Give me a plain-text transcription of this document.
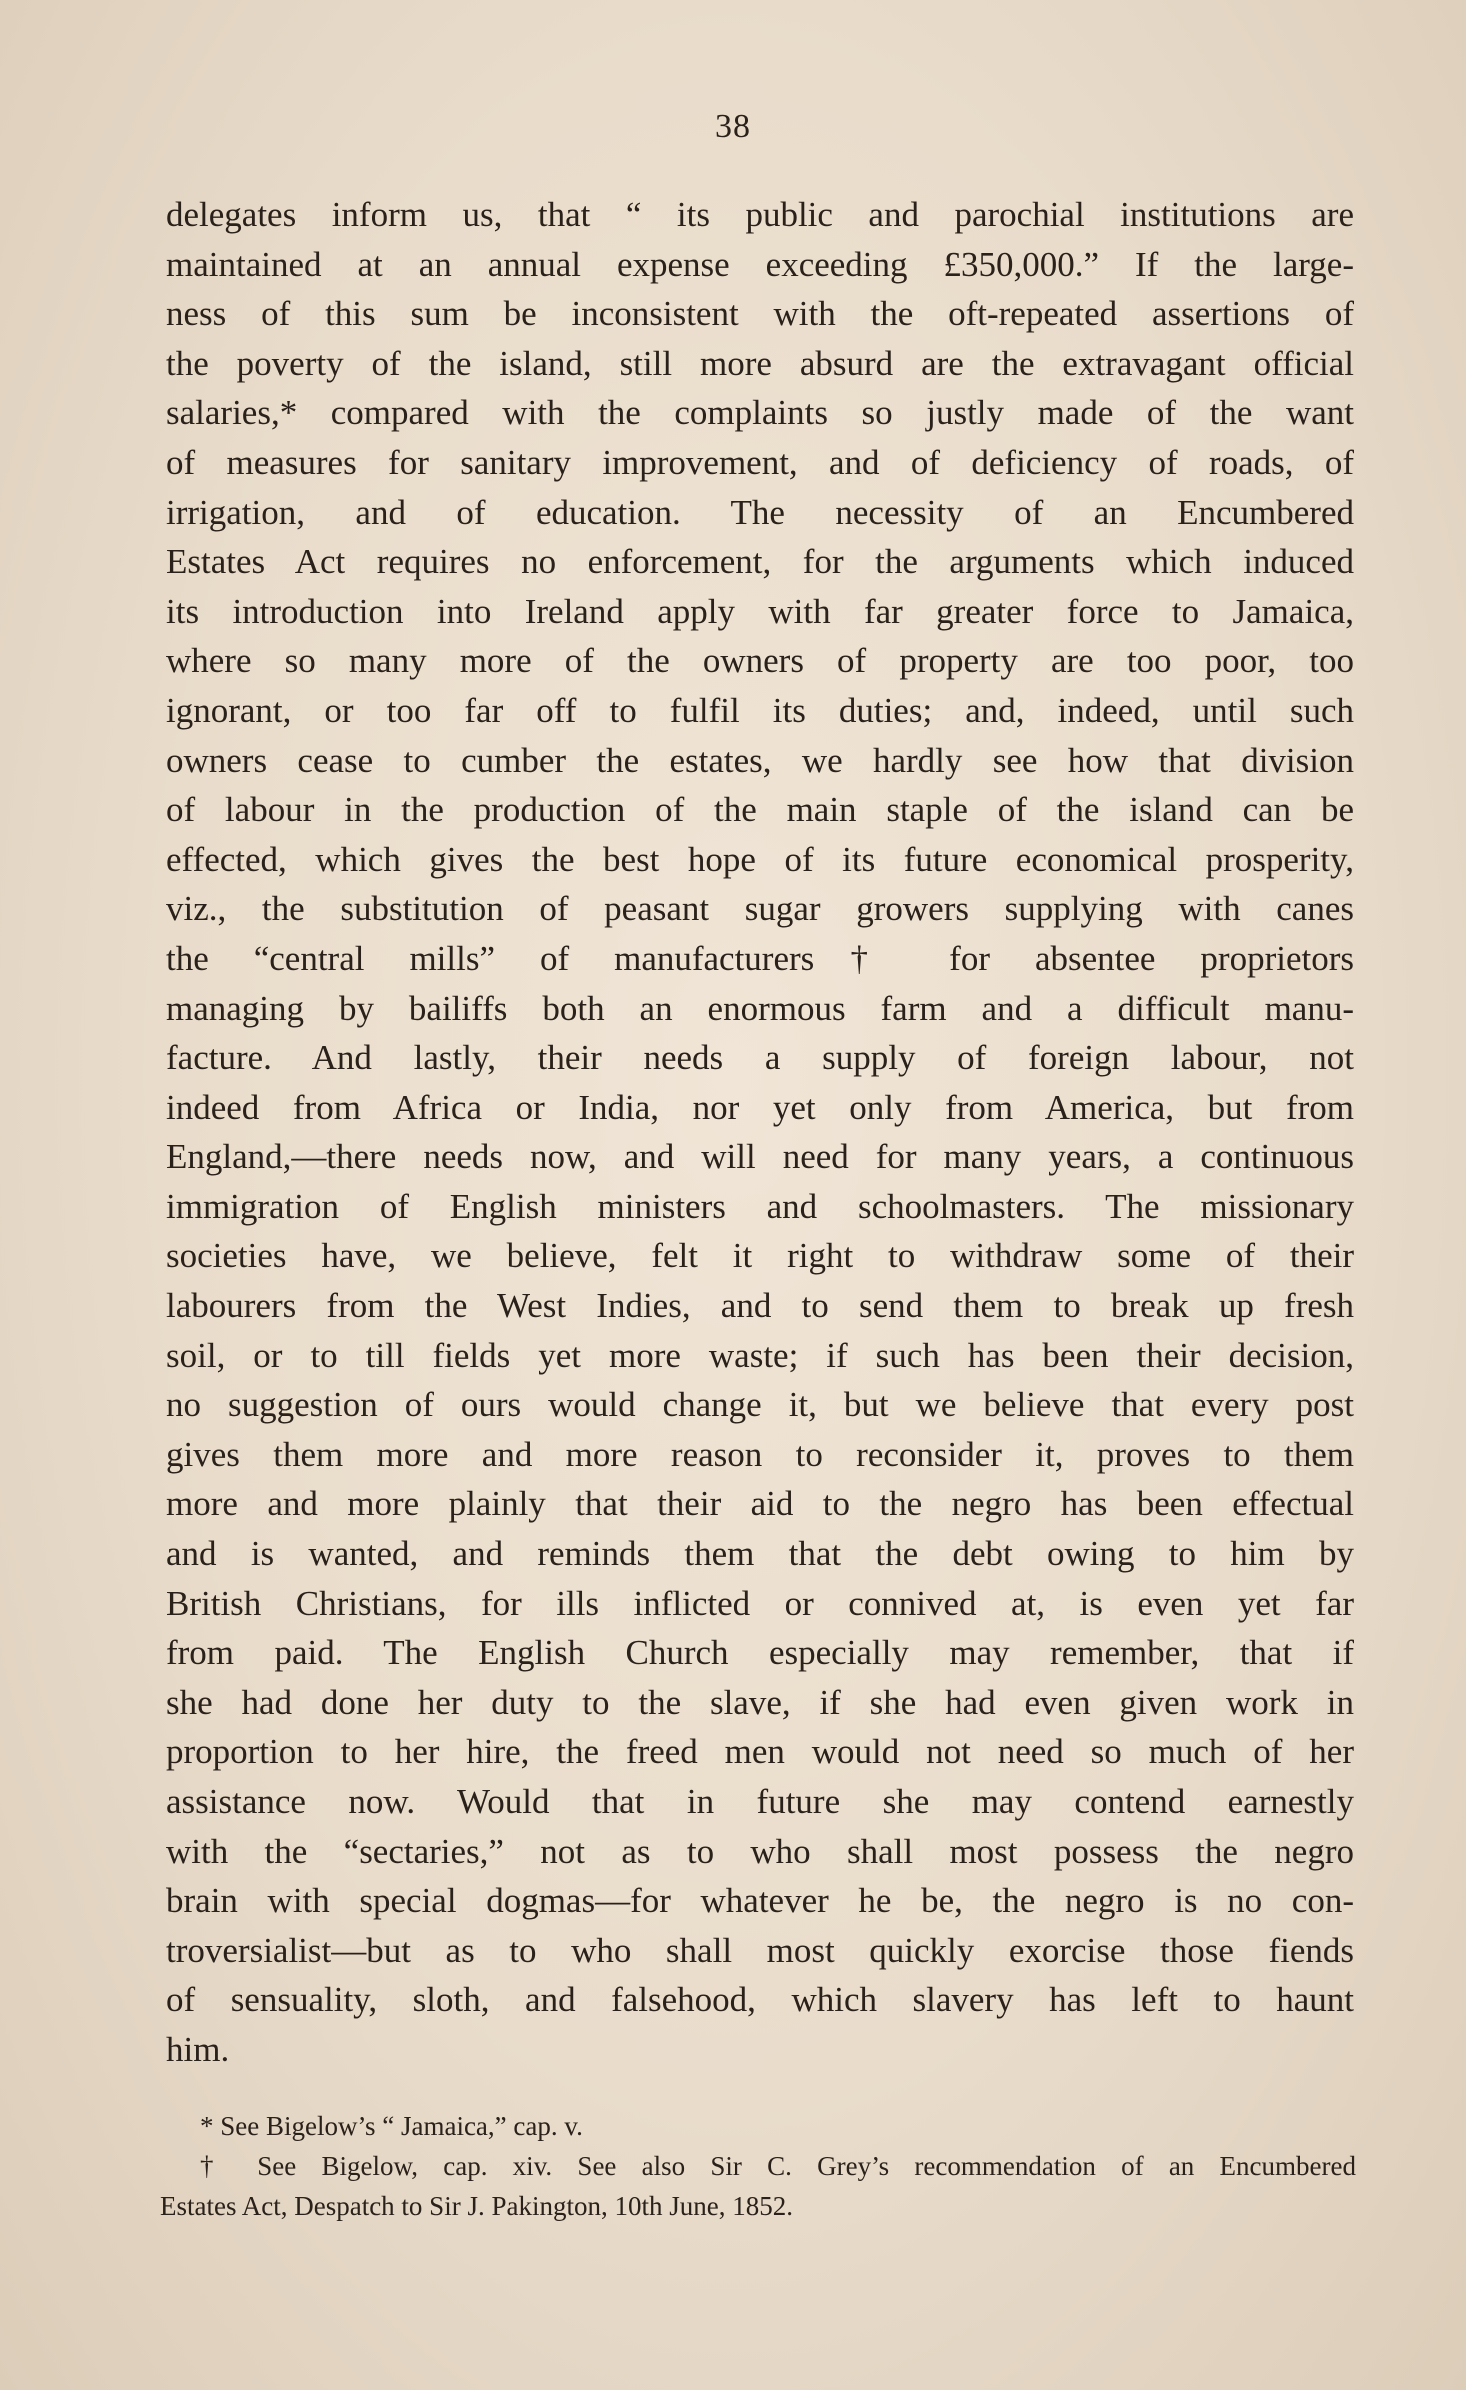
38
delegates inform us, that “ its public and parochial institutions are
maintained at an annual expense exceeding £350,000.” If the large-
ness of this sum be inconsistent with the oft-repeated assertions of
the poverty of the island, still more absurd are the extravagant official
salaries,* compared with the complaints so justly made of the want
of measures for sanitary improvement, and of deficiency of roads, of
irrigation, and of education. The necessity of an Encumbered
Estates Act requires no enforcement, for the arguments which induced
its introduction into Ireland apply with far greater force to Jamaica,
where so many more of the owners of property are too poor, too
ignorant, or too far off to fulfil its duties; and, indeed, until such
owners cease to cumber the estates, we hardly see how that division
of labour in the production of the main staple of the island can be
effected, which gives the best hope of its future economical prosperity,
viz., the substitution of peasant sugar growers supplying with canes
the “central mills” of manufacturers† for absentee proprietors
managing by bailiffs both an enormous farm and a difficult manu-
facture. And lastly, their needs a supply of foreign labour, not
indeed from Africa or India, nor yet only from America, but from
England,—there needs now, and will need for many years, a continuous
immigration of English ministers and schoolmasters. The missionary
societies have, we believe, felt it right to withdraw some of their
labourers from the West Indies, and to send them to break up fresh
soil, or to till fields yet more waste; if such has been their decision,
no suggestion of ours would change it, but we believe that every post
gives them more and more reason to reconsider it, proves to them
more and more plainly that their aid to the negro has been effectual
and is wanted, and reminds them that the debt owing to him by
British Christians, for ills inflicted or connived at, is even yet far
from paid. The English Church especially may remember, that if
she had done her duty to the slave, if she had even given work in
proportion to her hire, the freed men would not need so much of her
assistance now. Would that in future she may contend earnestly
with the “sectaries,” not as to who shall most possess the negro
brain with special dogmas—for whatever he be, the negro is no con-
troversialist—but as to who shall most quickly exorcise those fiends
of sensuality, sloth, and falsehood, which slavery has left to haunt
him.
* See Bigelow’s “ Jamaica,” cap. v.
† See Bigelow, cap. xiv. See also Sir C. Grey’s recommendation of an Encumbered
Estates Act, Despatch to Sir J. Pakington, 10th June, 1852.
